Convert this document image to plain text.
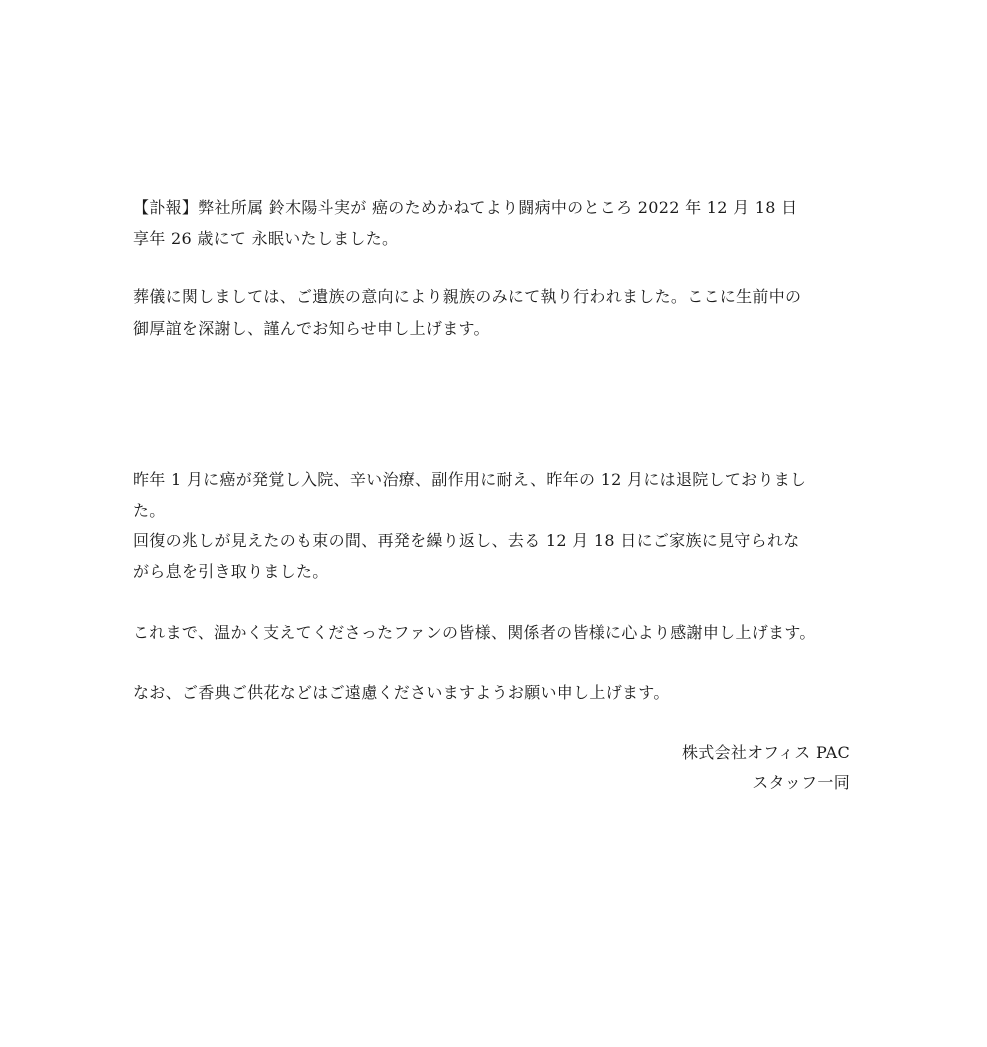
【訃報】弊社所属 鈴木陽斗実が 癌のためかねてより闘病中のところ 2022 年 12 月 18 日
享年 26 歳にて 永眠いたしました。
葬儀に関しましては、ご遺族の意向により親族のみにて執り行われました。ここに生前中の
御厚誼を深謝し、謹んでお知らせ申し上げます。
昨年 1 月に癌が発覚し入院、辛い治療、副作用に耐え、昨年の 12 月には退院しておりまし
た。
回復の兆しが見えたのも束の間、再発を繰り返し、去る 12 月 18 日にご家族に見守られな
がら息を引き取りました。
これまで、温かく支えてくださったファンの皆様、関係者の皆様に心より感謝申し上げます。
なお、ご香典ご供花などはご遠慮くださいますようお願い申し上げます。
株式会社オフィス PAC
スタッフ一同
